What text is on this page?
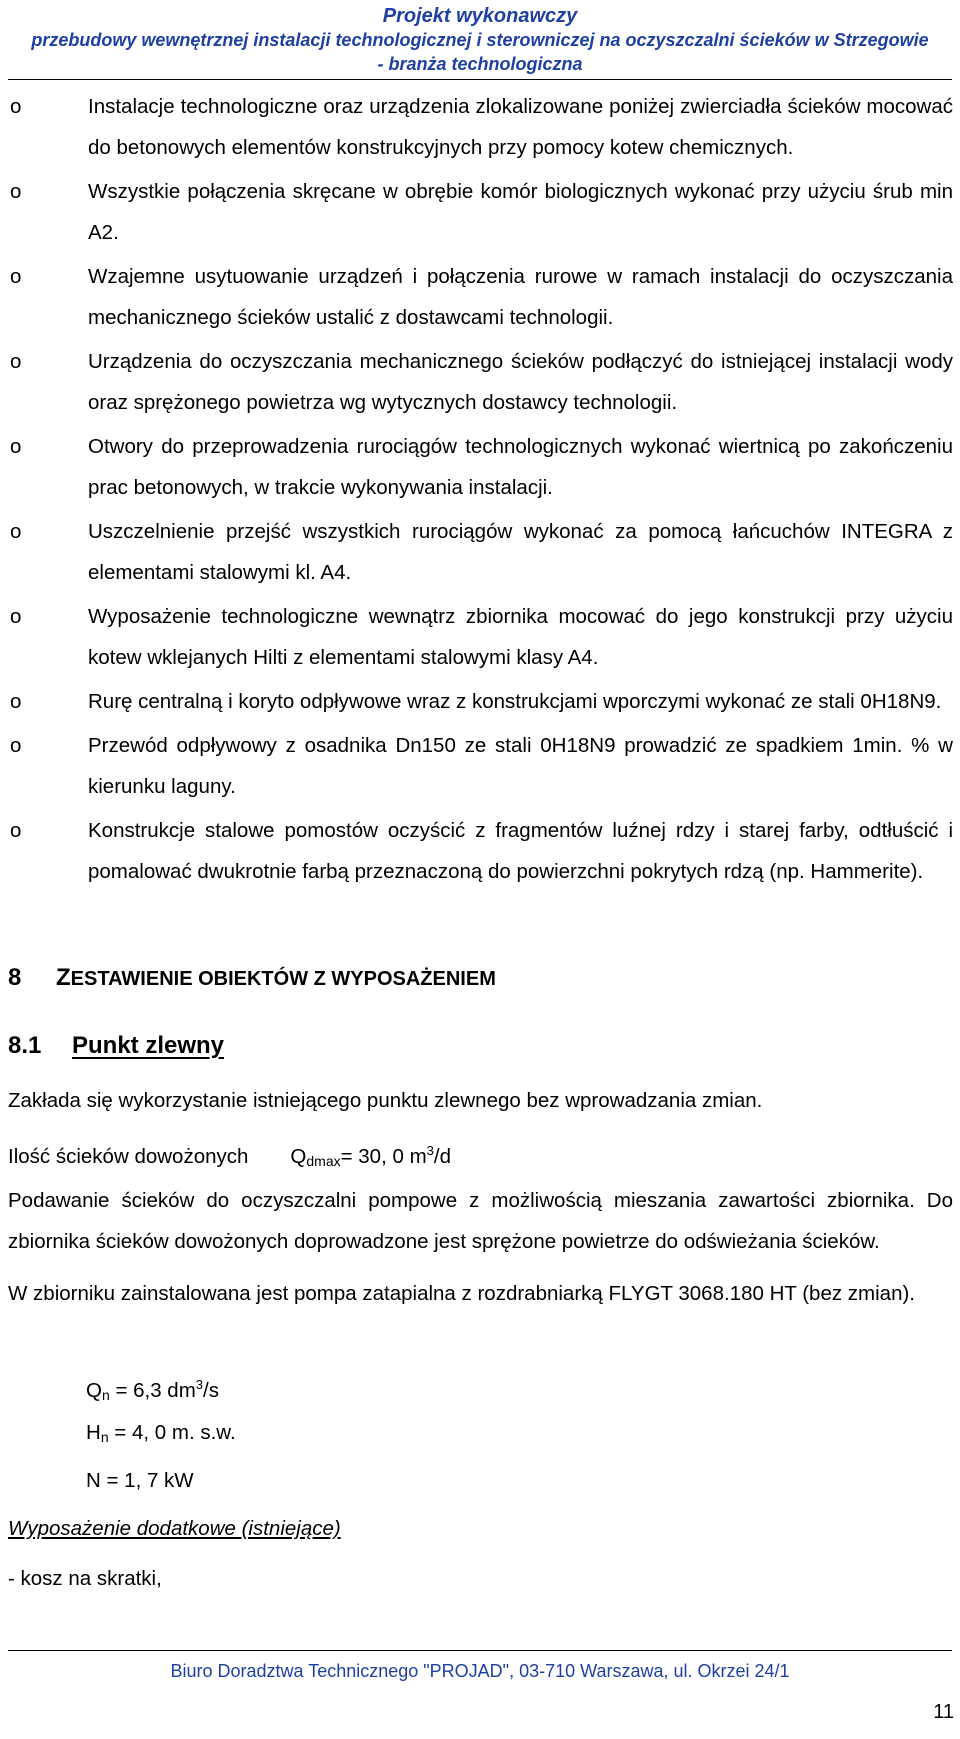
Projekt wykonawczy
przebudowy wewnętrznej instalacji technologicznej i sterowniczej na oczyszczalni ścieków w Strzegowie
- branża technologiczna
o	Instalacje technologiczne oraz urządzenia zlokalizowane poniżej zwierciadła ścieków mocować do betonowych elementów konstrukcyjnych przy pomocy kotew chemicznych.
o	Wszystkie połączenia skręcane w obrębie komór biologicznych wykonać przy użyciu śrub min A2.
o	Wzajemne usytuowanie urządzeń i połączenia rurowe w ramach instalacji do oczyszczania mechanicznego ścieków ustalić z dostawcami technologii.
o	Urządzenia do oczyszczania mechanicznego ścieków podłączyć do istniejącej instalacji wody oraz sprężonego powietrza wg wytycznych dostawcy technologii.
o	Otwory do przeprowadzenia rurociągów technologicznych wykonać wiertnicą po zakończeniu prac betonowych, w trakcie wykonywania instalacji.
o	Uszczelnienie przejść wszystkich rurociągów wykonać za pomocą łańcuchów INTEGRA z elementami stalowymi kl. A4.
o	Wyposażenie technologiczne wewnątrz zbiornika mocować do jego konstrukcji przy użyciu kotew wklejanych Hilti z elementami stalowymi klasy A4.
o	Rurę centralną i koryto odpływowe wraz z konstrukcjami wporczymi wykonać ze stali 0H18N9.
o	Przewód odpływowy z osadnika Dn150 ze stali 0H18N9 prowadzić ze spadkiem 1min. % w kierunku laguny.
o	Konstrukcje stalowe pomostów oczyścić z fragmentów luźnej rdzy i starej farby, odtłuścić i pomalować dwukrotnie farbą przeznaczoną do powierzchni pokrytych rdzą (np. Hammerite).
8 ZESTAWIENIE OBIEKTÓW Z WYPOSAŻENIEM
8.1 Punkt zlewny
Zakłada się wykorzystanie istniejącego punktu zlewnego bez wprowadzania zmian.
Ilość ścieków dowożonych $Q_{dmax}= 30$, 0 $m^3/d$
Podawanie ścieków do oczyszczalni pompowe z możliwością mieszania zawartości zbiornika. Do zbiornika ścieków dowożonych doprowadzone jest sprężone powietrze do odświeżania ścieków.
W zbiorniku zainstalowana jest pompa zatapialna z rozdrabniarką FLYGT 3068.180 HT (bez zmian).
$Q_n = 6,3$ $dm^3/s$
$H_n = 4$, 0 m. s.w.
N = 1, 7 kW
Wyposażenie dodatkowe (istniejące)
- kosz na skratki,
Biuro Doradztwa Technicznego "PROJAD", 03-710 Warszawa, ul. Okrzei 24/1
11
